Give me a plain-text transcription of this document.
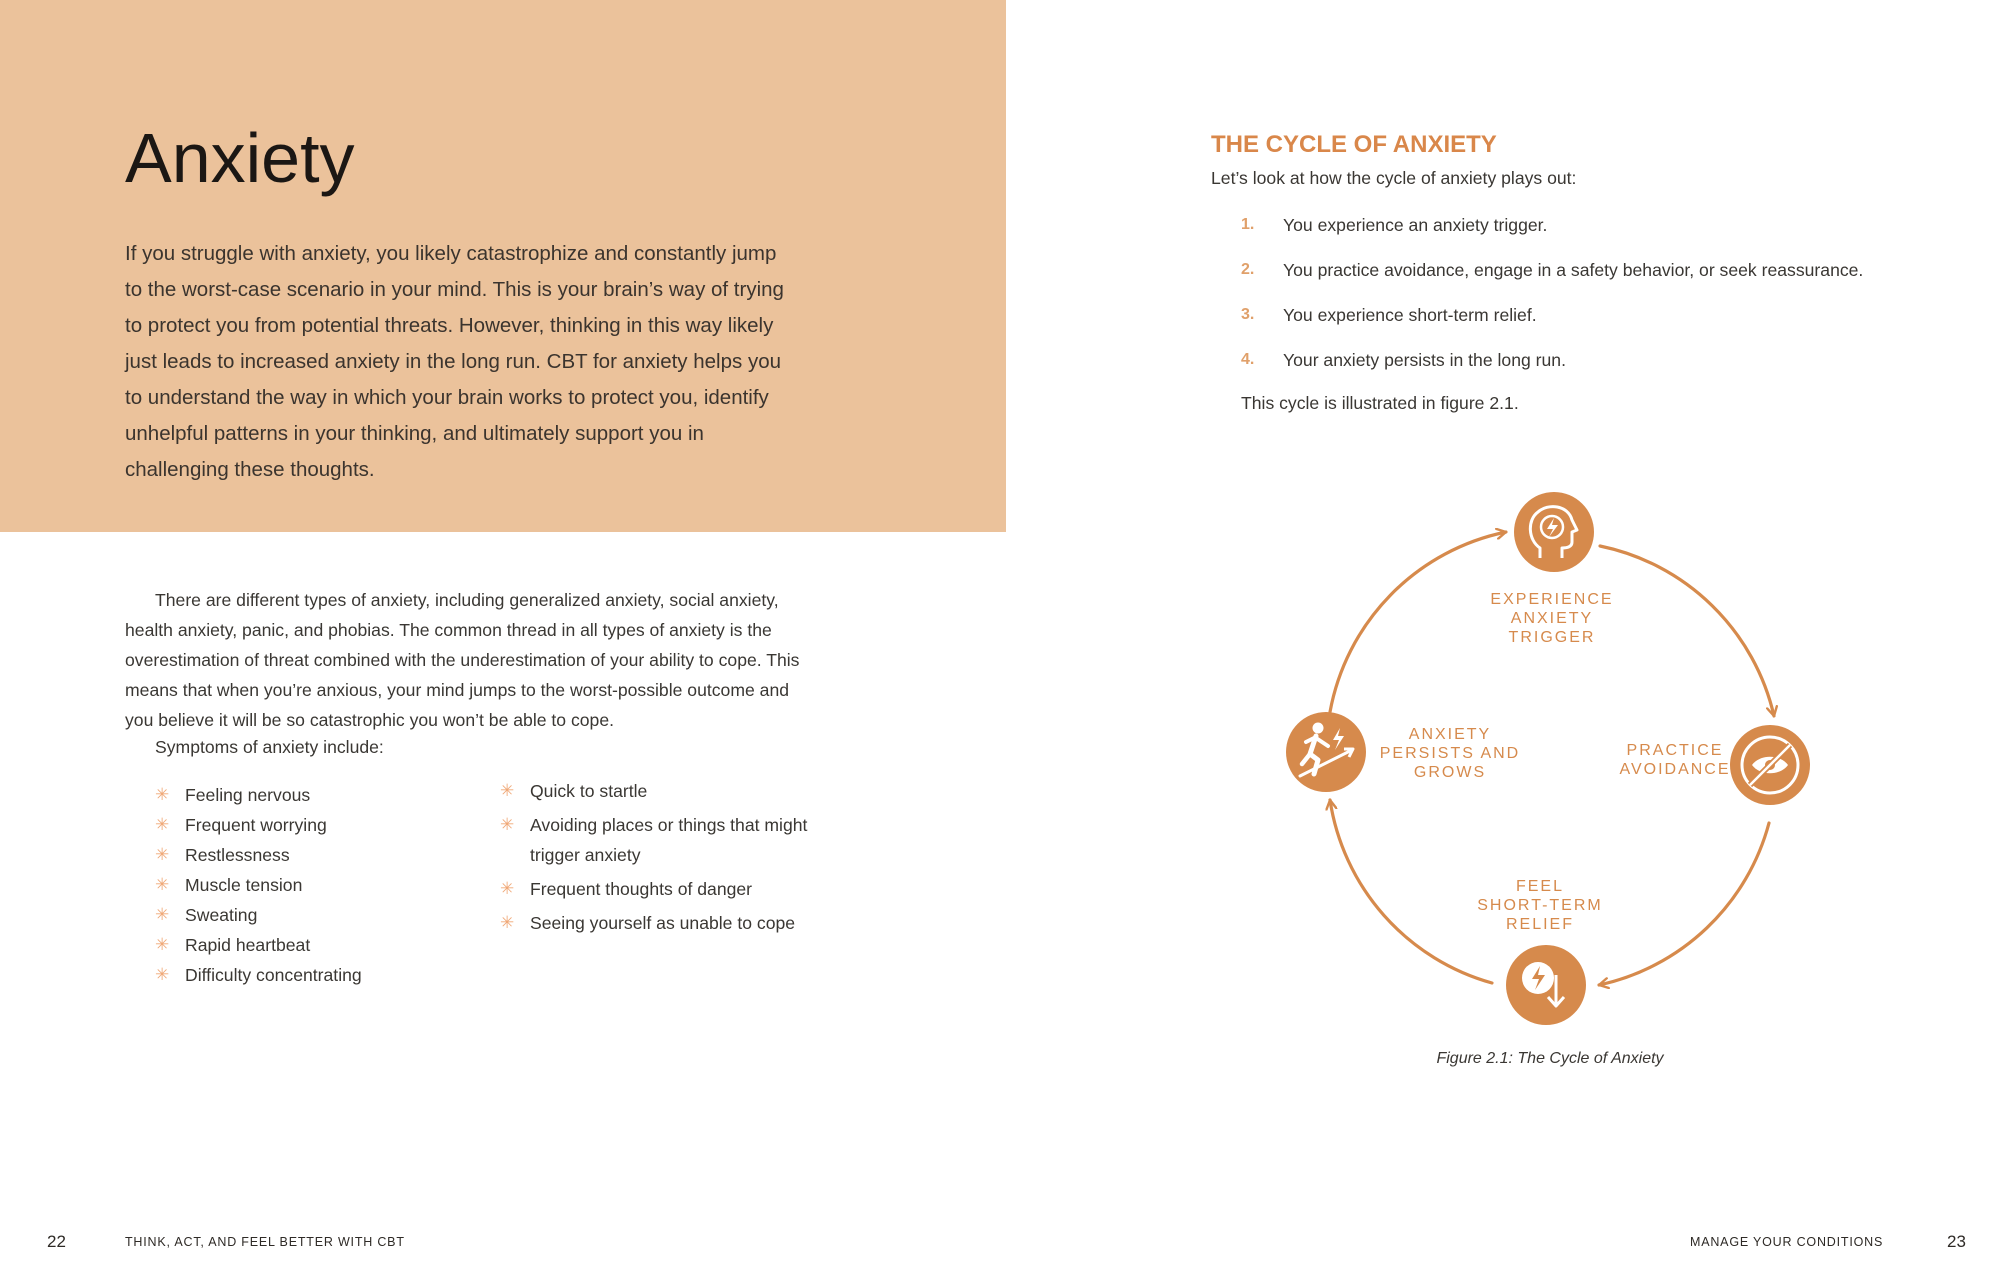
Anxiety

If you struggle with anxiety, you likely catastrophize and constantly jump to the worst-case scenario in your mind. This is your brain’s way of trying to protect you from potential threats. However, thinking in this way likely just leads to increased anxiety in the long run. CBT for anxiety helps you to understand the way in which your brain works to protect you, identify unhelpful patterns in your thinking, and ultimately support you in challenging these thoughts.

There are different types of anxiety, including generalized anxiety, social anxiety, health anxiety, panic, and phobias. The common thread in all types of anxiety is the overestimation of threat combined with the underestimation of your ability to cope. This means that when you’re anxious, your mind jumps to the worst-possible outcome and you believe it will be so catastrophic you won’t be able to cope.

Symptoms of anxiety include:

✳ Feeling nervous
✳ Frequent worrying
✳ Restlessness
✳ Muscle tension
✳ Sweating
✳ Rapid heartbeat
✳ Difficulty concentrating
✳ Quick to startle
✳ Avoiding places or things that might trigger anxiety
✳ Frequent thoughts of danger
✳ Seeing yourself as unable to cope
22	THINK, ACT, AND FEEL BETTER WITH CBT
THE CYCLE OF ANXIETY

Let’s look at how the cycle of anxiety plays out:

1. You experience an anxiety trigger.
2. You practice avoidance, engage in a safety behavior, or seek reassurance.
3. You experience short-term relief.
4. Your anxiety persists in the long run.

This cycle is illustrated in figure 2.1.

EXPERIENCE
ANXIETY
TRIGGER
PRACTICE
AVOIDANCE
FEEL
SHORT-TERM
RELIEF
ANXIETY
PERSISTS AND
GROWS

Figure 2.1: The Cycle of Anxiety

MANAGE YOUR CONDITIONS	23
